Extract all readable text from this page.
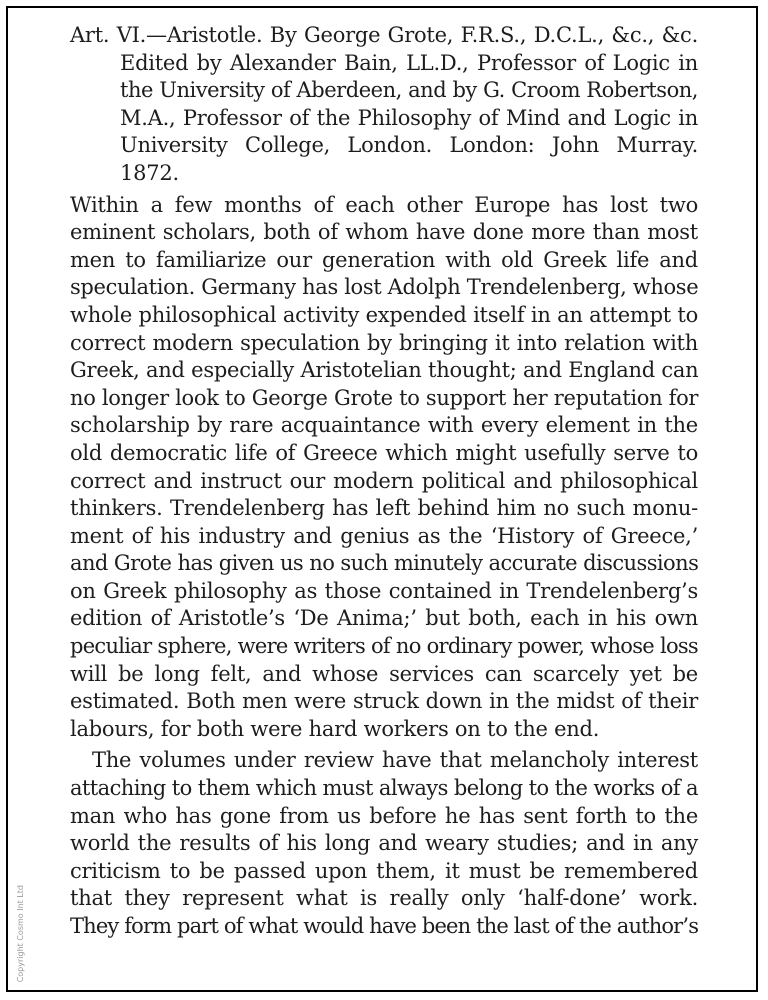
Art. VI.—Aristotle. By George Grote, F.R.S., D.C.L., &c., &c.
Edited by Alexander Bain, LL.D., Professor of Logic in
the University of Aberdeen, and by G. Croom Robertson,
M.A., Professor of the Philosophy of Mind and Logic in
University College, London. London: John Murray.
1872.
Within a few months of each other Europe has lost two
eminent scholars, both of whom have done more than most
men to familiarize our generation with old Greek life and
speculation. Germany has lost Adolph Trendelenberg, whose
whole philosophical activity expended itself in an attempt to
correct modern speculation by bringing it into relation with
Greek, and especially Aristotelian thought; and England can
no longer look to George Grote to support her reputation for
scholarship by rare acquaintance with every element in the
old democratic life of Greece which might usefully serve to
correct and instruct our modern political and philosophical
thinkers. Trendelenberg has left behind him no such monu-
ment of his industry and genius as the ‘History of Greece,’
and Grote has given us no such minutely accurate discussions
on Greek philosophy as those contained in Trendelenberg’s
edition of Aristotle’s ‘De Anima;’ but both, each in his own
peculiar sphere, were writers of no ordinary power, whose loss
will be long felt, and whose services can scarcely yet be
estimated. Both men were struck down in the midst of their
labours, for both were hard workers on to the end.
The volumes under review have that melancholy interest
attaching to them which must always belong to the works of a
man who has gone from us before he has sent forth to the
world the results of his long and weary studies; and in any
criticism to be passed upon them, it must be remembered
that they represent what is really only ‘half-done’ work.
They form part of what would have been the last of the author’s
Copyright Cosmo Int Ltd
